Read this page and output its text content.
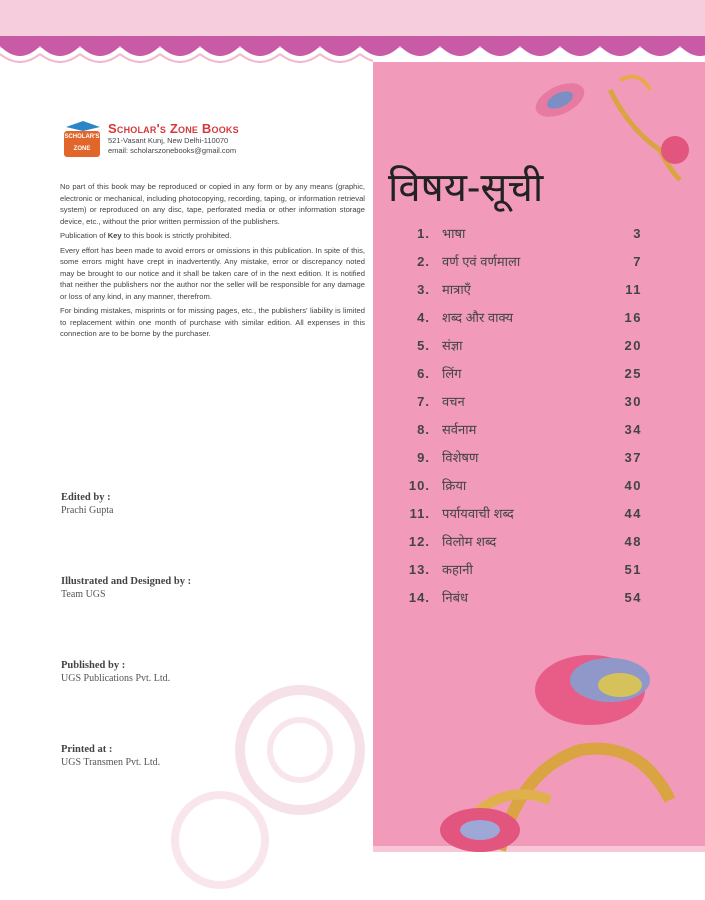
SCHOLAR'S
ZONE
Scholar's Zone Books
521-Vasant Kunj, New Delhi-110070
email: scholarszonebooks@gmail.com

No part of this book may be reproduced or copied in any form or by any means (graphic, electronic or mechanical, including photocopying, recording, taping, or information retrieval system) or reproduced on any disc, tape, perforated media or other information storage device, etc., without the prior written permission of the publishers.

Publication of Key to this book is strictly prohibited.

Every effort has been made to avoid errors or omissions in this publication. In spite of this, some errors might have crept in inadvertently. Any mistake, error or discrepancy noted may be brought to our notice and it shall be taken care of in the next edition. It is notified that neither the publishers nor the author nor the seller will be responsible for any damage or loss of any kind, in any manner, therefrom.

For binding mistakes, misprints or for missing pages, etc., the publishers' liability is limited to replacement within one month of purchase with similar edition. All expenses in this connection are to be borne by the purchaser.

Edited by :
Prachi Gupta
Illustrated and Designed by :
Team UGS
Published by :
UGS Publications Pvt. Ltd.
Printed at :
UGS Transmen Pvt. Ltd.
विषय-सूची
1. भाषा	3
2. वर्ण एवं वर्णमाला	7
3. मात्राएँ	11
4. शब्द और वाक्य	16
5. संज्ञा	20
6. लिंग	25
7. वचन	30
8. सर्वनाम	34
9. विशेषण	37
10. क्रिया	40
11. पर्यायवाची शब्द	44
12. विलोम शब्द	48
13. कहानी	51
14. निबंध	54
